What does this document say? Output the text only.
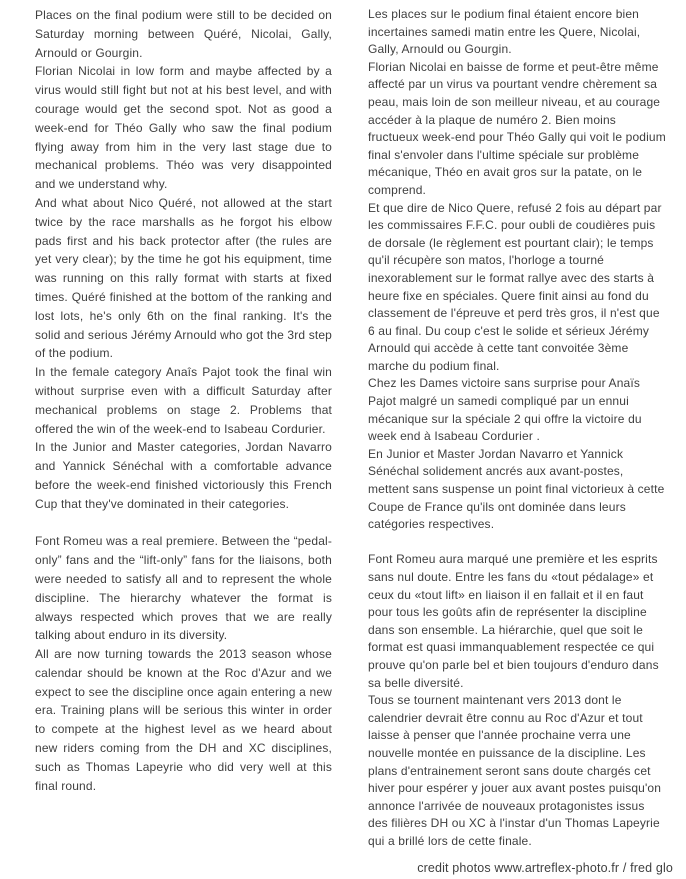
Places on the final podium were still to be decided on Saturday morning between Quéré, Nicolai, Gally, Arnould or Gourgin.

Florian Nicolai in low form and maybe affected by a virus would still fight but not at his best level, and with courage would get the second spot. Not as good a week-end for Théo Gally who saw the final podium flying away from him in the very last stage due to mechanical problems. Théo was very disappointed and we understand why.

And what about Nico Quéré, not allowed at the start twice by the race marshalls as he forgot his elbow pads first and his back protector after (the rules are yet very clear); by the time he got his equipment, time was running on this rally format with starts at fixed times. Quéré finished at the bottom of the ranking and lost lots, he's only 6th on the final ranking. It's the solid and serious Jérémy Arnould who got the 3rd step of the podium.

In the female category Anaîs Pajot took the final win without surprise even with a difficult Saturday after mechanical problems on stage 2. Problems that offered the win of the week-end to Isabeau Cordurier.

In the Junior and Master categories, Jordan Navarro and Yannick Sénéchal with a comfortable advance before the week-end finished victoriously this French Cup that they've dominated in their categories.

Font Romeu was a real premiere. Between the “pedal-only” fans and the “lift-only” fans for the liaisons, both were needed to satisfy all and to represent the whole discipline. The hierarchy whatever the format is always respected which proves that we are really talking about enduro in its diversity.

All are now turning towards the 2013 season whose calendar should be known at the Roc d'Azur and we expect to see the discipline once again entering a new era. Training plans will be serious this winter in order to compete at the highest level as we heard about new riders coming from the DH and XC disciplines, such as Thomas Lapeyrie who did very well at this final round.

Les places sur le podium final étaient encore bien incertaines samedi matin entre les Quere, Nicolai, Gally, Arnould ou Gourgin.

Florian Nicolai en baisse de forme et peut-être même affecté par un virus va pourtant vendre chèrement sa peau, mais loin de son meilleur niveau, et au courage accéder à la plaque de numéro 2. Bien moins fructueux week-end pour Théo Gally qui voit le podium final s'envoler dans l'ultime spéciale sur problème mécanique, Théo en avait gros sur la patate, on le comprend.

Et que dire de Nico Quere, refusé 2 fois au départ par les commissaires F.F.C. pour oubli de coudières puis de dorsale (le règlement est pourtant clair); le temps qu'il récupère son matos, l'horloge a tourné inexorablement sur le format rallye avec des starts à heure fixe en spéciales. Quere finit ainsi au fond du classement de l'épreuve et perd très gros, il n'est que 6 au final. Du coup c'est le solide et sérieux Jérémy Arnould qui accède à cette tant convoitée 3ème marche du podium final.

Chez les Dames victoire sans surprise pour Anaïs Pajot malgré un samedi compliqué par un ennui mécanique sur la spéciale 2 qui offre la victoire du week end à Isabeau Cordurier .

En Junior et Master Jordan Navarro et Yannick Sénéchal solidement ancrés aux avant-postes, mettent sans suspense un point final victorieux à cette Coupe de France qu'ils ont dominée dans leurs catégories respectives.

Font Romeu aura marqué une première et les esprits sans nul doute. Entre les fans du «tout pédalage» et ceux du «tout lift» en liaison il en fallait et il en faut pour tous les goûts afin de représenter la discipline dans son ensemble. La hiérarchie, quel que soit le format est quasi immanquablement respectée ce qui prouve qu'on parle bel et bien toujours d'enduro dans sa belle diversité.

Tous se tournent maintenant vers 2013 dont le calendrier devrait être connu au Roc d'Azur et tout laisse à penser que l'année prochaine verra une nouvelle montée en puissance de la discipline. Les plans d'entrainement seront sans doute chargés cet hiver pour espérer y jouer aux avant postes puisqu'on annonce l'arrivée de nouveaux protagonistes issus des filières DH ou XC à l'instar d'un Thomas Lapeyrie qui a brillé lors de cette finale.

credit photos www.artreflex-photo.fr / fred glo
